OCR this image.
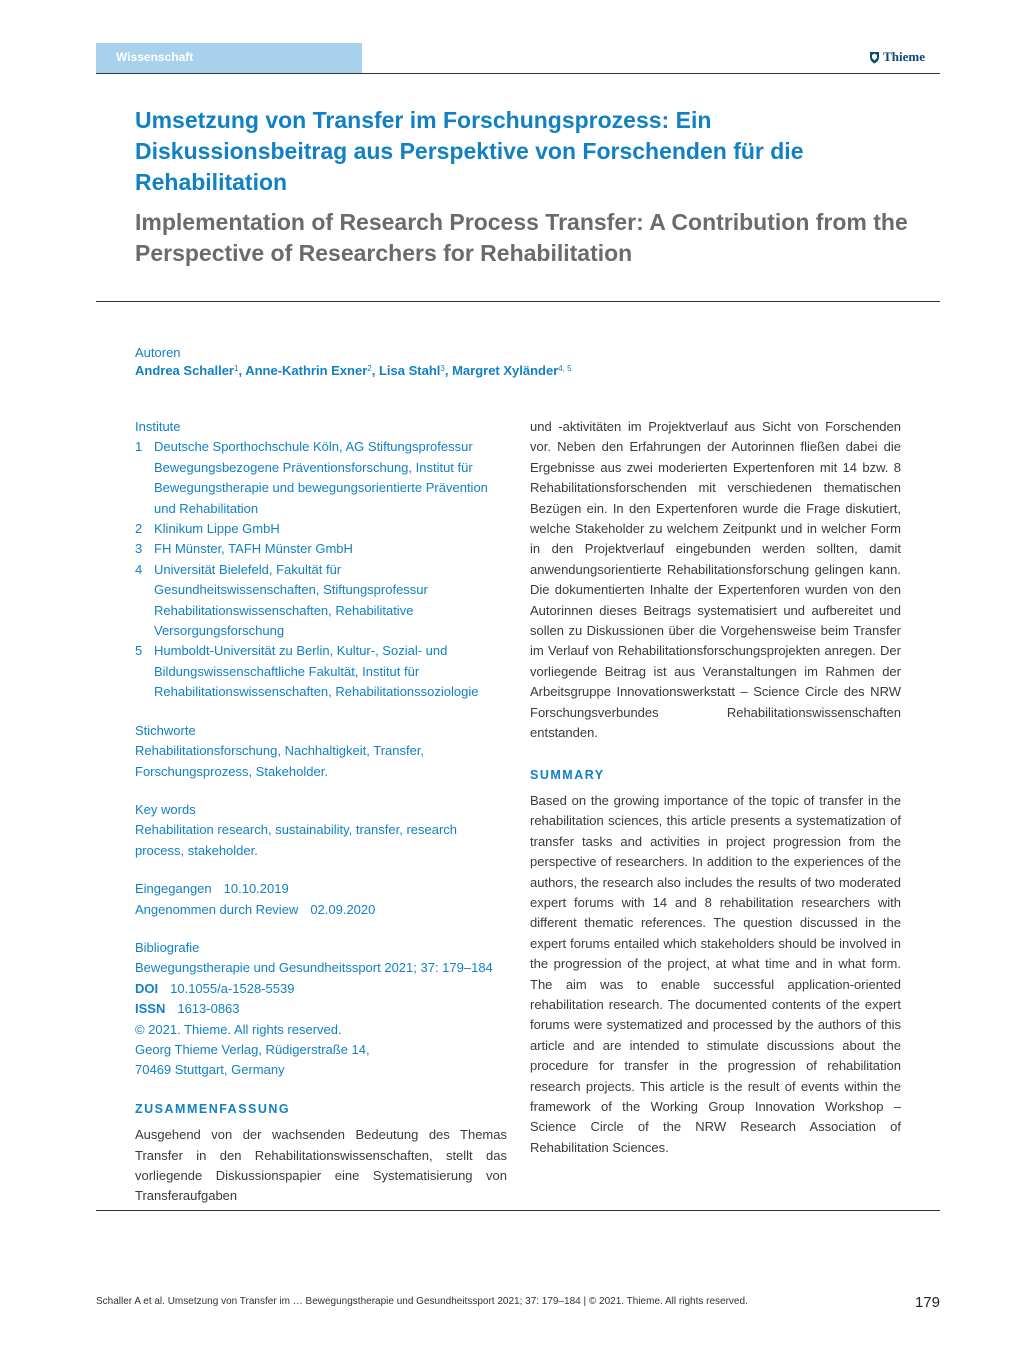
Wissenschaft	Thieme
Umsetzung von Transfer im Forschungsprozess: Ein Diskussionsbeitrag aus Perspektive von Forschenden für die Rehabilitation
Implementation of Research Process Transfer: A Contribution from the Perspective of Researchers for Rehabilitation
Autoren
Andrea Schaller$^1$ , Anne-Kathrin Exner$^2$ , Lisa Stahl$^3$ , Margret Xyländer$^{4, 5}$
Institute
1 Deutsche Sporthochschule Köln, AG Stiftungsprofessur Bewegungsbezogene Präventionsforschung, Institut für Bewegungstherapie und bewegungsorientierte Prävention und Rehabilitation
2 Klinikum Lippe GmbH
3 FH Münster, TAFH Münster GmbH
4 Universität Bielefeld, Fakultät für Gesundheitswissenschaften, Stiftungsprofessur Rehabilitationswissenschaften, Rehabilitative Versorgungsforschung
5 Humboldt-Universität zu Berlin, Kultur-, Sozial- und Bildungswissenschaftliche Fakultät, Institut für Rehabilitationswissenschaften, Rehabilitationssoziologie
Stichworte
Rehabilitationsforschung, Nachhaltigkeit, Transfer, Forschungsprozess, Stakeholder.
Key words
Rehabilitation research, sustainability, transfer, research process, stakeholder.
Eingegangen 10.10.2019
Angenommen durch Review 02.09.2020
Bibliografie
Bewegungstherapie und Gesundheitssport 2021; 37: 179–184
DOI 10.1055/a-1528-5539
ISSN 1613-0863
© 2021. Thieme. All rights reserved.
Georg Thieme Verlag, Rüdigerstraße 14,
70469 Stuttgart, Germany
ZUSAMMENFASSUNG

Ausgehend von der wachsenden Bedeutung des Themas Transfer in den Rehabilitationswissenschaften, stellt das vorliegende Diskussionspapier eine Systematisierung von Transferaufgaben

und -aktivitäten im Projektverlauf aus Sicht von Forschenden vor. Neben den Erfahrungen der Autorinnen fließen dabei die Ergebnisse aus zwei moderierten Expertenforen mit 14 bzw. 8 Rehabilitationsforschenden mit verschiedenen thematischen Bezügen ein. In den Expertenforen wurde die Frage diskutiert, welche Stakeholder zu welchem Zeitpunkt und in welcher Form in den Projektverlauf eingebunden werden sollten, damit anwendungsorientierte Rehabilitationsforschung gelingen kann. Die dokumentierten Inhalte der Expertenforen wurden von den Autorinnen dieses Beitrags systematisiert und aufbereitet und sollen zu Diskussionen über die Vorgehensweise beim Transfer im Verlauf von Rehabilitationsforschungsprojekten anregen. Der vorliegende Beitrag ist aus Veranstaltungen im Rahmen der Arbeitsgruppe Innovationswerkstatt – Science Circle des NRW Forschungsverbundes Rehabilitationswissenschaften entstanden.

SUMMARY

Based on the growing importance of the topic of transfer in the rehabilitation sciences, this article presents a systematization of transfer tasks and activities in project progression from the perspective of researchers. In addition to the experiences of the authors, the research also includes the results of two moderated expert forums with 14 and 8 rehabilitation researchers with different thematic references. The question discussed in the expert forums entailed which stakeholders should be involved in the progression of the project, at what time and in what form. The aim was to enable successful application-oriented rehabilitation research. The documented contents of the expert forums were systematized and processed by the authors of this article and are intended to stimulate discussions about the procedure for transfer in the progression of rehabilitation research projects. This article is the result of events within the framework of the Working Group Innovation Workshop – Science Circle of the NRW Research Association of Rehabilitation Sciences.

Schaller A et al. Umsetzung von Transfer im … Bewegungstherapie und Gesundheitssport 2021; 37: 179–184 | © 2021. Thieme. All rights reserved.	179
